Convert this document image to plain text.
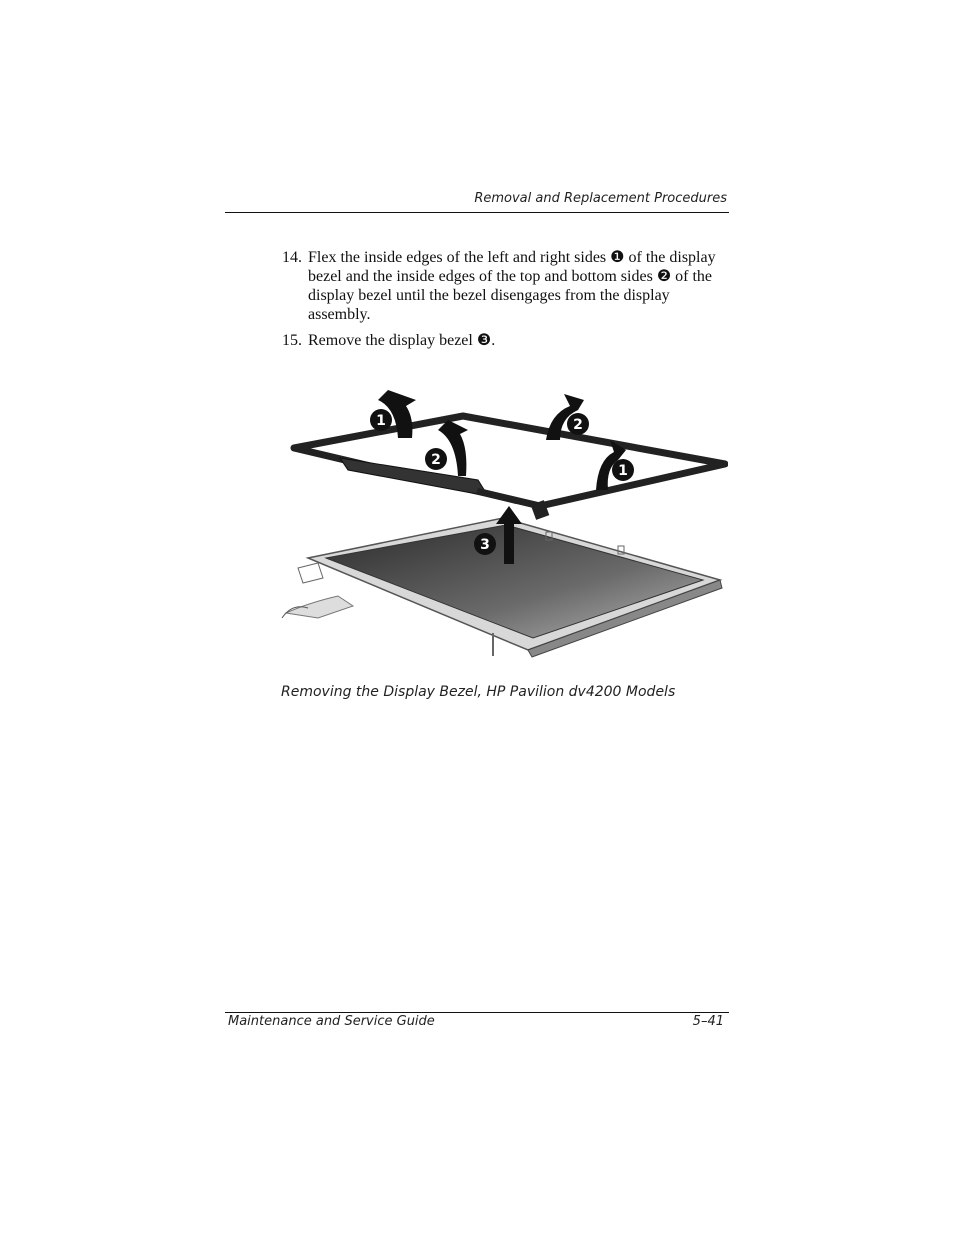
Removal and Replacement Procedures
14. Flex the inside edges of the left and right sides ❶ of the display bezel and the inside edges of the top and bottom sides ❷ of the display bezel until the bezel disengages from the display assembly.
15. Remove the display bezel ❸.
1
2
2
1
3
Removing the Display Bezel, HP Pavilion dv4200 Models
Maintenance and Service Guide	5–41
